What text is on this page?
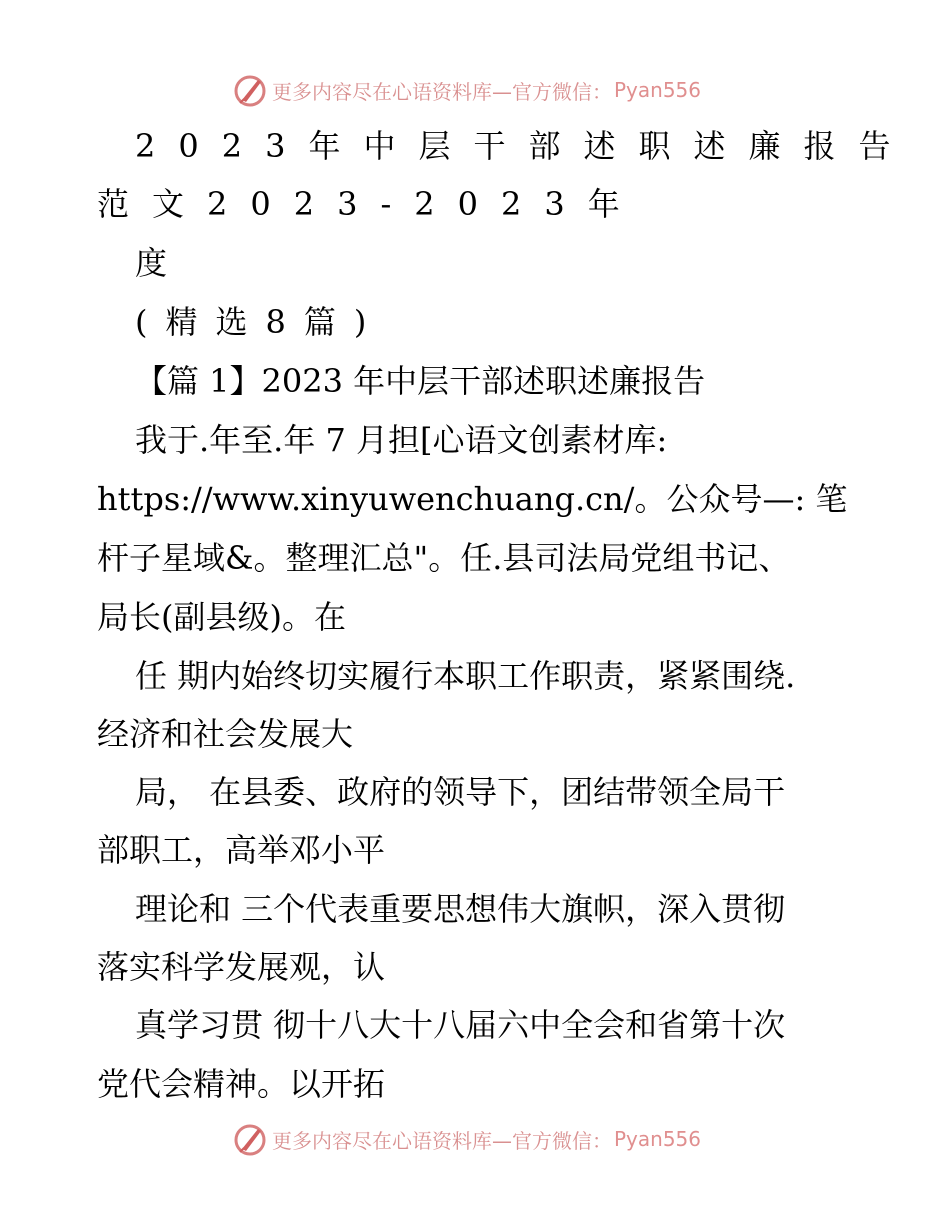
更多内容尽在心语资料库—官方微信： Pyan556
2023年中层干部述职述廉报告
范文2023-2023年
度
(精选8篇)
【篇 1】2023 年中层干部述职述廉报告
我于.年至.年 7 月担[心语文创素材库:
https://www.xinyuwenchuang.cn/。公众号—: 笔
杆子星域&。整理汇总"。任.县司法局党组书记、
局长(副县级)。在
任 期内始终切实履行本职工作职责，紧紧围绕.
经济和社会发展大
局， 在县委、政府的领导下，团结带领全局干
部职工，高举邓小平
理论和 三个代表重要思想伟大旗帜，深入贯彻
落实科学发展观，认
真学习贯 彻十八大十八届六中全会和省第十次
党代会精神。以开拓
更多内容尽在心语资料库—官方微信： Pyan556
